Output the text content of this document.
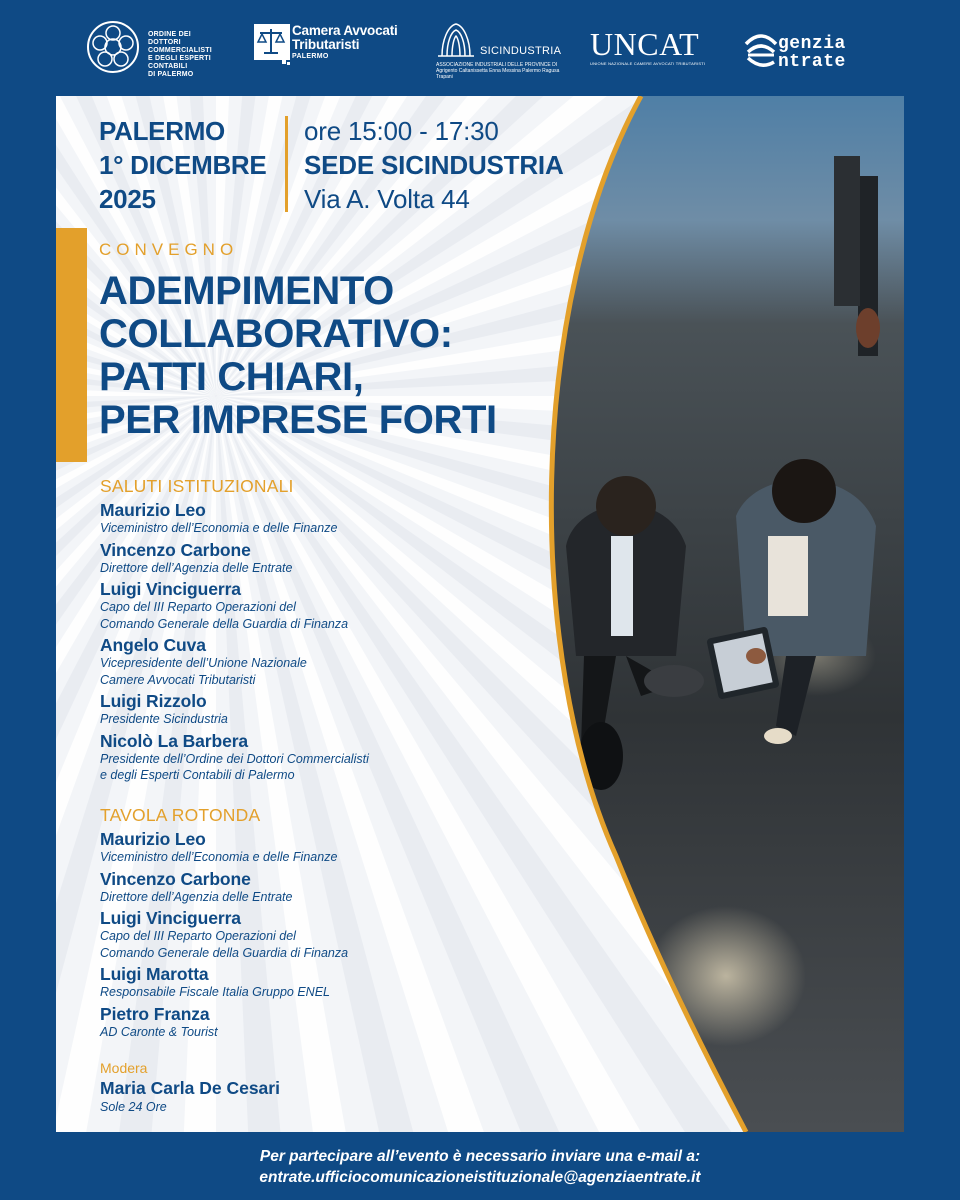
ORDINE DEI
DOTTORI COMMERCIALISTI
E DEGLI ESPERTI CONTABILI
DI PALERMO
Camera Avvocati
Tributaristi
PALERMO	SICINDUSTRIA
ASSOCIAZIONE INDUSTRIALI DELLE PROVINCE DI
Agrigento Caltanissetta Enna Messina Palermo Ragusa Trapani
UNCAT
UNIONE NAZIONALE CAMERE AVVOCATI TRIBUTARISTI
genzia
ntrate
PALERMO
1° DICEMBRE
2025
ore 15:00 - 17:30
SEDE SICINDUSTRIA
Via A. Volta 44
CONVEGNO
ADEMPIMENTO
COLLABORATIVO:
PATTI CHIARI,
PER IMPRESE FORTI
SALUTI ISTITUZIONALI
Maurizio Leo
Viceministro dell’Economia e delle Finanze
Vincenzo Carbone
Direttore dell’Agenzia delle Entrate
Luigi Vinciguerra
Capo del III Reparto Operazioni del
Comando Generale della Guardia di Finanza
Angelo Cuva
Vicepresidente dell’Unione Nazionale
Camere Avvocati Tributaristi
Luigi Rizzolo
Presidente Sicindustria
Nicolò La Barbera
Presidente dell’Ordine dei Dottori Commercialisti
e degli Esperti Contabili di Palermo
TAVOLA ROTONDA
Maurizio Leo
Viceministro dell’Economia e delle Finanze
Vincenzo Carbone
Direttore dell’Agenzia delle Entrate
Luigi Vinciguerra
Capo del III Reparto Operazioni del
Comando Generale della Guardia di Finanza
Luigi Marotta
Responsabile Fiscale Italia Gruppo ENEL
Pietro Franza
AD Caronte & Tourist
Modera
Maria Carla De Cesari
Sole 24 Ore
Per partecipare all’evento è necessario inviare una e-mail a:
entrate.ufficiocomunicazioneistituzionale@agenziaentrate.it
